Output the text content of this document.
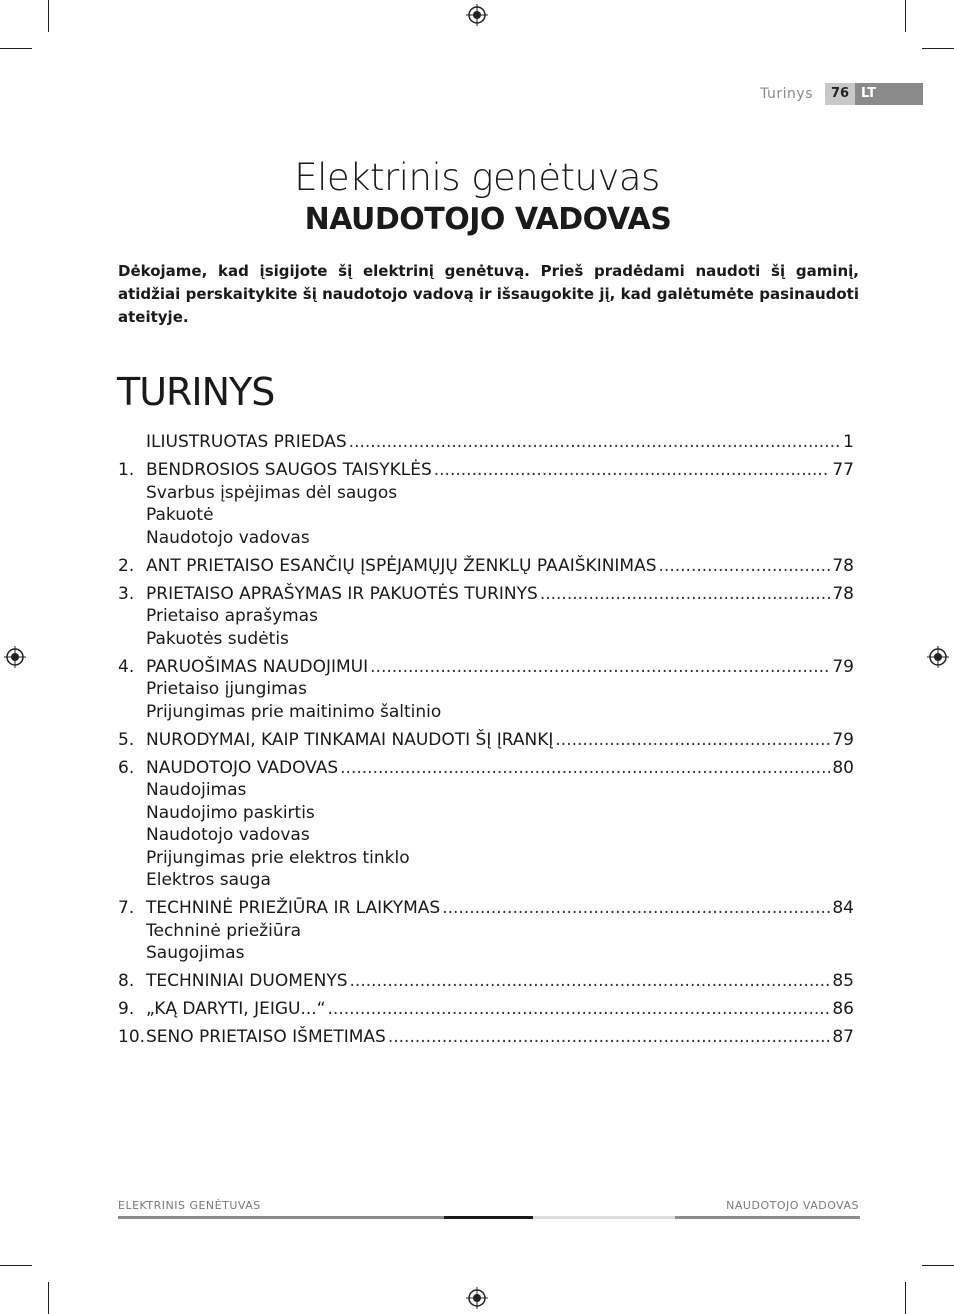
Turinys	76 LT
Elektrinis genėtuvas
NAUDOTOJO VADOVAS
Dėkojame, kad įsigijote šį elektrinį genėtuvą. Prieš pradėdami naudoti šį gaminį, atidžiai perskaitykite šį naudotojo vadovą ir išsaugokite jį, kad galėtumėte pasinaudoti ateityje.
TURINYS
ILIUSTRUOTAS PRIEDAS .....	1
1. BENDROSIOS SAUGOS TAISYKLĖS .....	77
Svarbus įspėjimas dėl saugos
Pakuotė
Naudotojo vadovas
2. ANT PRIETAISO ESANČIŲ ĮSPĖJAMŲJŲ ŽENKLŲ PAAIŠKINIMAS .....	78
3. PRIETAISO APRAŠYMAS IR PAKUOTĖS TURINYS .....	78
Prietaiso aprašymas
Pakuotės sudėtis
4. PARUOŠIMAS NAUDOJIMUI .....	79
Prietaiso įjungimas
Prijungimas prie maitinimo šaltinio
5. NURODYMAI, KAIP TINKAMAI NAUDOTI ŠĮ ĮRANKĮ .....	79
6. NAUDOTOJO VADOVAS .....	80
Naudojimas
Naudojimo paskirtis
Naudotojo vadovas
Prijungimas prie elektros tinklo
Elektros sauga
7. TECHNINĖ PRIEŽIŪRA IR LAIKYMAS .....	84
Techninė priežiūra
Saugojimas
8. TECHNINIAI DUOMENYS .....	85
9. „KĄ DARYTI, JEIGU...“ .....	86
10. SENO PRIETAISO IŠMETIMAS .....	87
ELEKTRINIS GENĖTUVAS	NAUDOTOJO VADOVAS
